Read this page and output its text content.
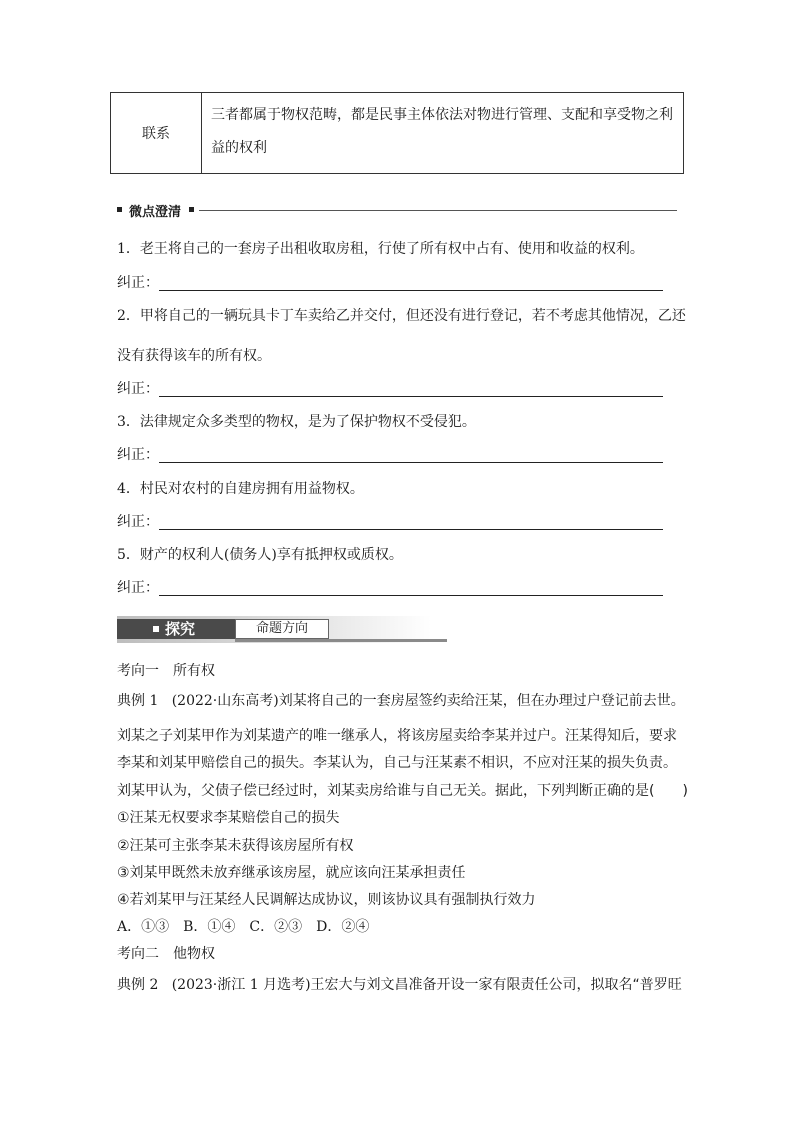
联系
三者都属于物权范畴，都是民事主体依法对物进行管理、支配和享受物之利
益的权利
微点澄清
1．老王将自己的一套房子出租收取房租，行使了所有权中占有、使用和收益的权利。
纠正：
2．甲将自己的一辆玩具卡丁车卖给乙并交付，但还没有进行登记，若不考虑其他情况，乙还
没有获得该车的所有权。
纠正：
3．法律规定众多类型的物权，是为了保护物权不受侵犯。
纠正：
4．村民对农村的自建房拥有用益物权。
纠正：
5．财产的权利人(债务人)享有抵押权或质权。
纠正：
探究	命题方向
考向一　所有权
典例 1 (2022·山东高考)刘某将自己的一套房屋签约卖给汪某，但在办理过户登记前去世。
刘某之子刘某甲作为刘某遗产的唯一继承人，将该房屋卖给李某并过户。汪某得知后，要求
李某和刘某甲赔偿自己的损失。李某认为，自己与汪某素不相识，不应对汪某的损失负责。
刘某甲认为，父债子偿已经过时，刘某卖房给谁与自己无关。据此，下列判断正确的是(　　)
①汪某无权要求李某赔偿自己的损失
②汪某可主张李某未获得该房屋所有权
③刘某甲既然未放弃继承该房屋，就应该向汪某承担责任
④若刘某甲与汪某经人民调解达成协议，则该协议具有强制执行效力
A．①③　B．①④　C．②③　D．②④
考向二　他物权
典例 2 (2023·浙江 1 月选考)王宏大与刘文昌准备开设一家有限责任公司，拟取名“普罗旺
